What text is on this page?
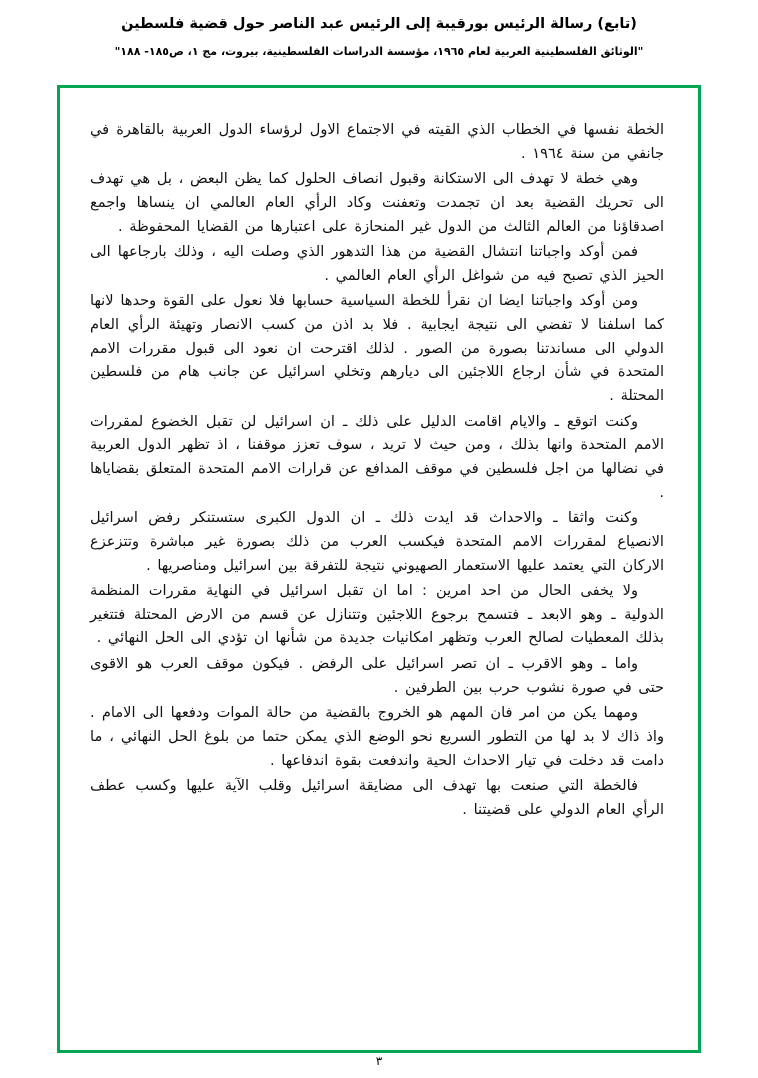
(تابع) رسالة الرئيس بورقيبة إلى الرئيس عبد الناصر حول قضية فلسطين
"الوثائق الفلسطينية العربية لعام ١٩٦٥، مؤسسة الدراسات الفلسطينية، بيروت، مج ١، ص١٨٥- ١٨٨"

الخطة نفسها في الخطاب الذي القيته في الاجتماع الاول لرؤساء الدول العربية بالقاهرة في جانفي من سنة ١٩٦٤ .

وهي خطة لا تهدف الى الاستكانة وقبول انصاف الحلول كما يظن البعض ، بل هي تهدف الى تحريك القضية بعد ان تجمدت وتعفنت وكاد الرأي العام العالمي ان ينساها واجمع اصدقاؤنا من العالم الثالث من الدول غير المنحازة على اعتبارها من القضايا المحفوظة .

فمن أوكد واجباتنا انتشال القضية من هذا التدهور الذي وصلت اليه ، وذلك بارجاعها الى الحيز الذي تصبح فيه من شواغل الرأي العام العالمي .

ومن أوكد واجباتنا ايضا ان نقرأ للخطة السياسية حسابها فلا نعول على القوة وحدها لانها كما اسلفنا لا تفضي الى نتيجة ايجابية . فلا بد اذن من كسب الانصار وتهيئة الرأي العام الدولي الى مساندتنا بصورة من الصور . لذلك اقترحت ان نعود الى قبول مقررات الامم المتحدة في شأن ارجاع اللاجئين الى ديارهم وتخلي اسرائيل عن جانب هام من فلسطين المحتلة .

وكنت اتوقع ـ والايام اقامت الدليل على ذلك ـ ان اسرائيل لن تقبل الخضوع لمقررات الامم المتحدة وانها بذلك ، ومن حيث لا تريد ، سوف تعزز موقفنا ، اذ تظهر الدول العربية في نضالها من اجل فلسطين في موقف المدافع عن قرارات الامم المتحدة المتعلق بقضاياها .

وكنت واثقا ـ والاحداث قد ايدت ذلك ـ ان الدول الكبرى ستستنكر رفض اسرائيل الانصياع لمقررات الامم المتحدة فيكسب العرب من ذلك بصورة غير مباشرة وتتزعزع الاركان التي يعتمد عليها الاستعمار الصهيوني نتيجة للتفرقة بين اسرائيل ومناصريها .

ولا يخفى الحال من احد امرين : اما ان تقبل اسرائيل في النهاية مقررات المنظمة الدولية ـ وهو الابعد ـ فتسمح برجوع اللاجئين وتتنازل عن قسم من الارض المحتلة فتتغير بذلك المعطيات لصالح العرب وتظهر امكانيات جديدة من شأنها ان تؤدي الى الحل النهائي .

واما ـ وهو الاقرب ـ ان تصر اسرائيل على الرفض . فيكون موقف العرب هو الاقوى حتى في صورة نشوب حرب بين الطرفين .

ومهما يكن من امر فان المهم هو الخروج بالقضية من حالة الموات ودفعها الى الامام . واذ ذاك لا بد لها من التطور السريع نحو الوضع الذي يمكن حتما من بلوغ الحل النهائي ، ما دامت قد دخلت في تيار الاحداث الحية واندفعت بقوة اندفاعها .

فالخطة التي صنعت بها تهدف الى مضايقة اسرائيل وقلب الآية عليها وكسب عطف الرأي العام الدولي على قضيتنا .

٣
